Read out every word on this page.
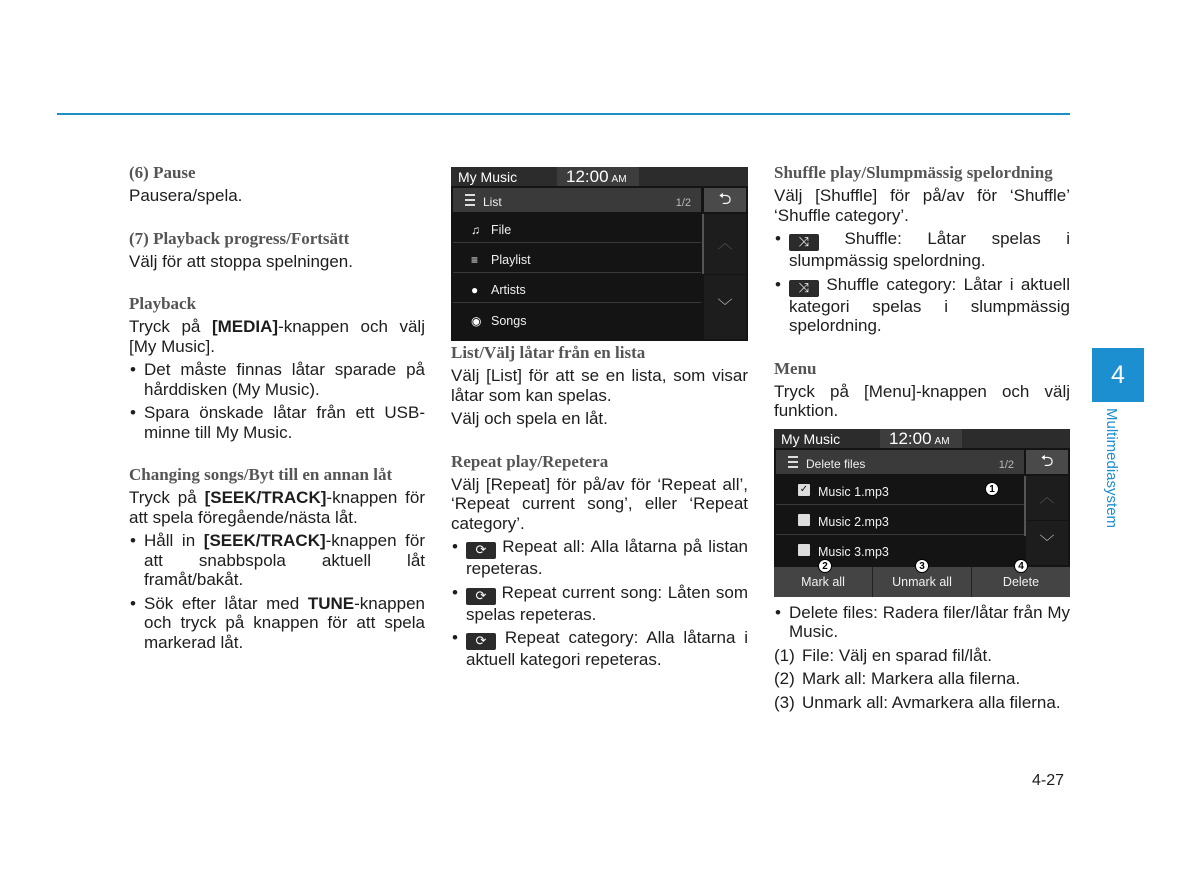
(6) Pause
Pausera/spela.
(7) Playback progress/Fortsätt
Välj för att stoppa spelningen.
Playback
Tryck på [MEDIA]-knappen och välj [My Music].
• Det måste finnas låtar sparade på hårddisken (My Music).
• Spara önskade låtar från ett USB-minne till My Music.
Changing songs/Byt till en annan låt
Tryck på [SEEK/TRACK]-knappen för att spela föregående/nästa låt.
• Håll in [SEEK/TRACK]-knappen för att snabbspola aktuell låt framåt/bakåt.
• Sök efter låtar med TUNE-knappen och tryck på knappen för att spela markerad låt.
My Music	12:00 AM
List	1/2	⮌
♫ File
≡ Playlist
● Artists
◉ Songs
︿
﹀
List/Välj låtar från en lista
Välj [List] för att se en lista, som visar låtar som kan spelas.
Välj och spela en låt.
Repeat play/Repetera
Välj [Repeat] för på/av för ‘Repeat all’, ‘Repeat current song’, eller ‘Repeat category’.
• ⟳ Repeat all: Alla låtarna på listan repeteras.
• ⟳ Repeat current song: Låten som spelas repeteras.
• ⟳ Repeat category: Alla låtarna i aktuell kategori repeteras.
Shuffle play/Slumpmässig spelordning
Välj [Shuffle] för på/av för ‘Shuffle’ ‘Shuffle category’.
• ⤨ Shuffle: Låtar spelas i slumpmässig spelordning.
• ⤨ Shuffle category: Låtar i aktuell kategori spelas i slumpmässig spelordning.
Menu
Tryck på [Menu]-knappen och välj funktion.
My Music	12:00 AM
Delete files	1/2	⮌
✓ Music 1.mp3
Music 2.mp3
Music 3.mp3
︿
﹀
1
Mark all	Unmark all	Delete
2	3	4
• Delete files: Radera filer/låtar från My Music.
(1) File: Välj en sparad fil/låt.
(2) Mark all: Markera alla filerna.
(3) Unmark all: Avmarkera alla filerna.
4
Multimediasystem
4-27
